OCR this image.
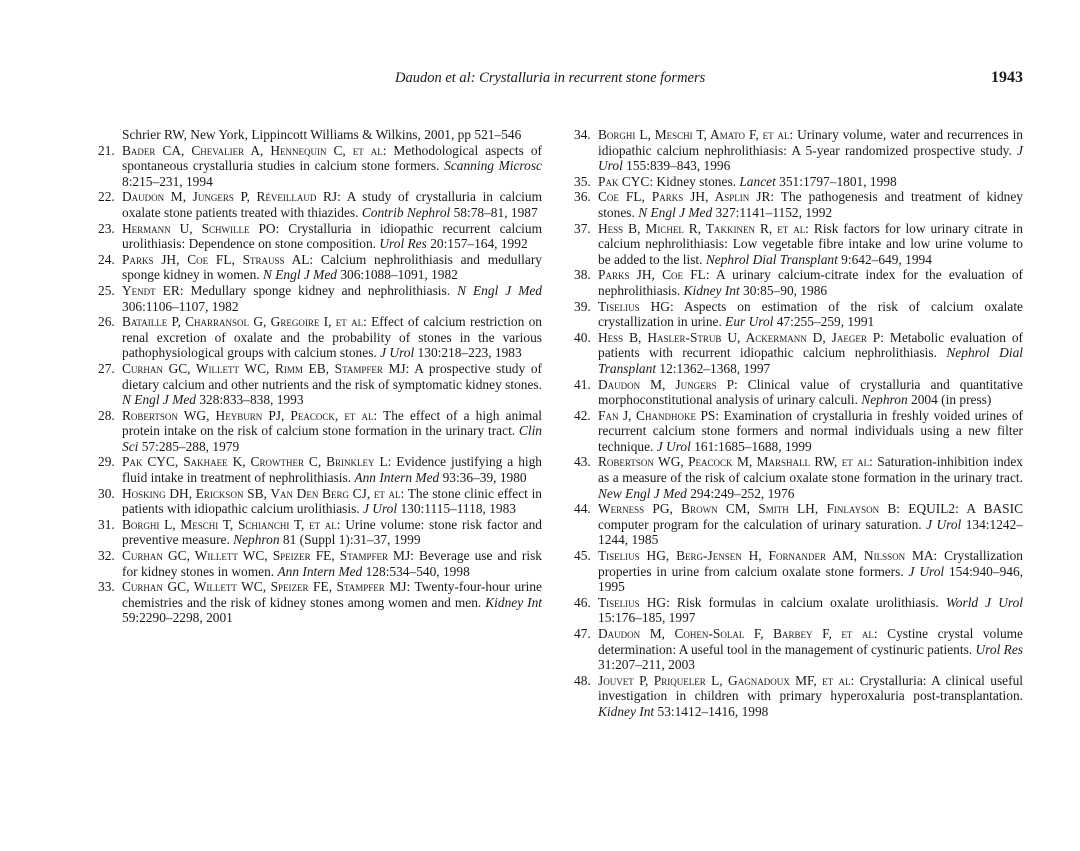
Daudon et al: Crystalluria in recurrent stone formers	1943

Schrier RW, New York, Lippincott Williams & Wilkins, 2001, pp 521–546

21. Bader CA, Chevalier A, Hennequin C, et al: Methodological aspects of spontaneous crystalluria studies in calcium stone formers. Scanning Microsc 8:215–231, 1994

22. Daudon M, Jungers P, Réveillaud RJ: A study of crystalluria in calcium oxalate stone patients treated with thiazides. Contrib Nephrol 58:78–81, 1987

23. Hermann U, Schwille PO: Crystalluria in idiopathic recurrent calcium urolithiasis: Dependence on stone composition. Urol Res 20:157–164, 1992

24. Parks JH, Coe FL, Strauss AL: Calcium nephrolithiasis and medullary sponge kidney in women. N Engl J Med 306:1088–1091, 1982

25. Yendt ER: Medullary sponge kidney and nephrolithiasis. N Engl J Med 306:1106–1107, 1982

26. Bataille P, Charransol G, Gregoire I, et al: Effect of calcium restriction on renal excretion of oxalate and the probability of stones in the various pathophysiological groups with calcium stones. J Urol 130:218–223, 1983

27. Curhan GC, Willett WC, Rimm EB, Stampfer MJ: A prospective study of dietary calcium and other nutrients and the risk of symptomatic kidney stones. N Engl J Med 328:833–838, 1993

28. Robertson WG, Heyburn PJ, Peacock, et al: The effect of a high animal protein intake on the risk of calcium stone formation in the urinary tract. Clin Sci 57:285–288, 1979

29. Pak CYC, Sakhaee K, Crowther C, Brinkley L: Evidence justifying a high fluid intake in treatment of nephrolithiasis. Ann Intern Med 93:36–39, 1980

30. Hosking DH, Erickson SB, Van Den Berg CJ, et al: The stone clinic effect in patients with idiopathic calcium urolithiasis. J Urol 130:1115–1118, 1983

31. Borghi L, Meschi T, Schianchi T, et al: Urine volume: stone risk factor and preventive measure. Nephron 81 (Suppl 1):31–37, 1999

32. Curhan GC, Willett WC, Speizer FE, Stampfer MJ: Beverage use and risk for kidney stones in women. Ann Intern Med 128:534–540, 1998

33. Curhan GC, Willett WC, Speizer FE, Stampfer MJ: Twenty-four-hour urine chemistries and the risk of kidney stones among women and men. Kidney Int 59:2290–2298, 2001

34. Borghi L, Meschi T, Amato F, et al: Urinary volume, water and recurrences in idiopathic calcium nephrolithiasis: A 5-year randomized prospective study. J Urol 155:839–843, 1996

35. Pak CYC: Kidney stones. Lancet 351:1797–1801, 1998

36. Coe FL, Parks JH, Asplin JR: The pathogenesis and treatment of kidney stones. N Engl J Med 327:1141–1152, 1992

37. Hess B, Michel R, Takkinen R, et al: Risk factors for low urinary citrate in calcium nephrolithiasis: Low vegetable fibre intake and low urine volume to be added to the list. Nephrol Dial Transplant 9:642–649, 1994

38. Parks JH, Coe FL: A urinary calcium-citrate index for the evaluation of nephrolithiasis. Kidney Int 30:85–90, 1986

39. Tiselius HG: Aspects on estimation of the risk of calcium oxalate crystallization in urine. Eur Urol 47:255–259, 1991

40. Hess B, Hasler-Strub U, Ackermann D, Jaeger P: Metabolic evaluation of patients with recurrent idiopathic calcium nephrolithiasis. Nephrol Dial Transplant 12:1362–1368, 1997

41. Daudon M, Jungers P: Clinical value of crystalluria and quantitative morphoconstitutional analysis of urinary calculi. Nephron 2004 (in press)

42. Fan J, Chandhoke PS: Examination of crystalluria in freshly voided urines of recurrent calcium stone formers and normal individuals using a new filter technique. J Urol 161:1685–1688, 1999

43. Robertson WG, Peacock M, Marshall RW, et al: Saturation-inhibition index as a measure of the risk of calcium oxalate stone formation in the urinary tract. New Engl J Med 294:249–252, 1976

44. Werness PG, Brown CM, Smith LH, Finlayson B: EQUIL2: A BASIC computer program for the calculation of urinary saturation. J Urol 134:1242–1244, 1985

45. Tiselius HG, Berg-Jensen H, Fornander AM, Nilsson MA: Crystallization properties in urine from calcium oxalate stone formers. J Urol 154:940–946, 1995

46. Tiselius HG: Risk formulas in calcium oxalate urolithiasis. World J Urol 15:176–185, 1997

47. Daudon M, Cohen-Solal F, Barbey F, et al: Cystine crystal volume determination: A useful tool in the management of cystinuric patients. Urol Res 31:207–211, 2003

48. Jouvet P, Priqueler L, Gagnadoux MF, et al: Crystalluria: A clinical useful investigation in children with primary hyperoxaluria post-transplantation. Kidney Int 53:1412–1416, 1998
